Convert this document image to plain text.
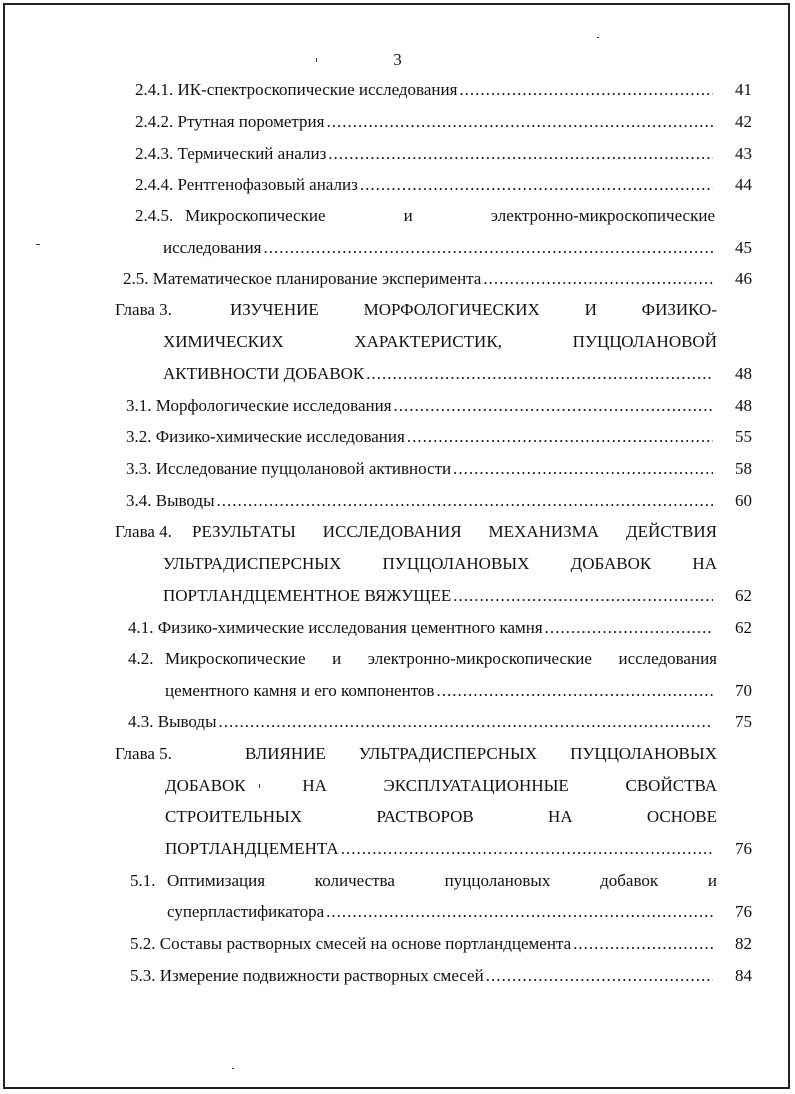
3
2.4.1. ИК-спектроскопические исследования .....	41
2.4.2. Ртутная порометрия .....	42
2.4.3. Термический анализ .....	43
2.4.4. Рентгенофазовый анализ .....	44
2.4.5. Микроскопические и электронно-микроскопические
исследования .....	45
2.5. Математическое планирование эксперимента .....	46
Глава 3.	ИЗУЧЕНИЕ МОРФОЛОГИЧЕСКИХ И ФИЗИКО-
ХИМИЧЕСКИХ ХАРАКТЕРИСТИК, ПУЦЦОЛАНОВОЙ
АКТИВНОСТИ ДОБАВОК .....	48
3.1. Морфологические исследования .....	48
3.2. Физико-химические исследования .....	55
3.3. Исследование пуццолановой активности .....	58
3.4. Выводы .....	60
Глава 4. РЕЗУЛЬТАТЫ ИССЛЕДОВАНИЯ МЕХАНИЗМА ДЕЙСТВИЯ
УЛЬТРАДИСПЕРСНЫХ ПУЦЦОЛАНОВЫХ ДОБАВОК НА
ПОРТЛАНДЦЕМЕНТНОЕ ВЯЖУЩЕЕ .....	62
4.1. Физико-химические исследования цементного камня .....	62
4.2. Микроскопические и электронно-микроскопические исследования
цементного камня и его компонентов .....	70
4.3. Выводы .....	75
Глава 5.	ВЛИЯНИЕ УЛЬТРАДИСПЕРСНЫХ ПУЦЦОЛАНОВЫХ
ДОБАВОК НА ЭКСПЛУАТАЦИОННЫЕ СВОЙСТВА
СТРОИТЕЛЬНЫХ РАСТВОРОВ НА ОСНОВЕ
ПОРТЛАНДЦЕМЕНТА .....	76
5.1. Оптимизация количества пуццолановых добавок и
суперпластификатора .....	76
5.2. Составы растворных смесей на основе портландцемента .....	82
5.3. Измерение подвижности растворных смесей .....	84
